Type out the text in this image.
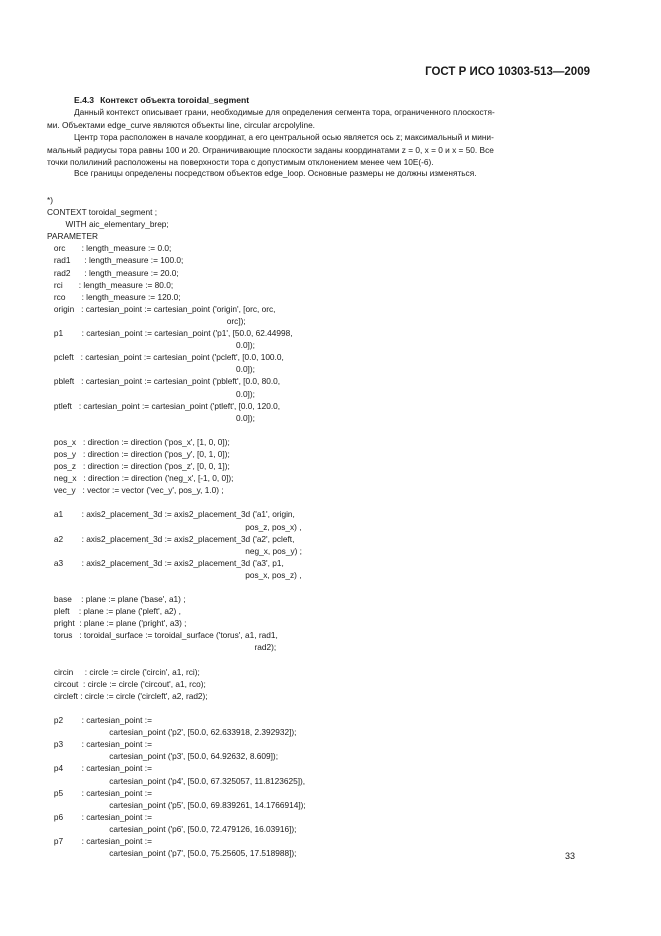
ГОСТ Р ИСО 10303-513—2009
E.4.3 Контекст объекта toroidal_segment
Данный контекст описывает грани, необходимые для определения сегмента тора, ограниченного плоскостя-
ми. Объектами edge_curve являются объекты line, circular arcpolyline.
Центр тора расположен в начале координат, а его центральной осью является ось z; максимальный и мини-
мальный радиусы тора равны 100 и 20. Ограничивающие плоскости заданы координатами z = 0, x = 0 и x = 50. Все
точки полилиний расположены на поверхности тора с допустимым отклонением менее чем 10E(-6).
Все границы определены посредством объектов edge_loop. Основные размеры не должны изменяться.
*)
CONTEXT toroidal_segment ;
WITH aic_elementary_brep;
PARAMETER
orc       : length_measure := 0.0;
rad1      : length_measure := 100.0;
rad2      : length_measure := 20.0;
rci       : length_measure := 80.0;
rco       : length_measure := 120.0;
origin   : cartesian_point := cartesian_point ('origin', [orc, orc,
orc]);
p1        : cartesian_point := cartesian_point ('p1', [50.0, 62.44998,
0.0]);
pcleft   : cartesian_point := cartesian_point ('pcleft', [0.0, 100.0,
0.0]);
pbleft   : cartesian_point := cartesian_point ('pbleft', [0.0, 80.0,
0.0]);
ptleft   : cartesian_point := cartesian_point ('ptleft', [0.0, 120.0,
0.0]);
pos_x   : direction := direction ('pos_x', [1, 0, 0]);
pos_y   : direction := direction ('pos_y', [0, 1, 0]);
pos_z   : direction := direction ('pos_z', [0, 0, 1]);
neg_x   : direction := direction ('neg_x', [-1, 0, 0]);
vec_y   : vector := vector ('vec_y', pos_y, 1.0) ;
a1        : axis2_placement_3d := axis2_placement_3d ('a1', origin,
pos_z, pos_x) ,
a2        : axis2_placement_3d := axis2_placement_3d ('a2', pcleft,
neg_x, pos_y) ;
a3        : axis2_placement_3d := axis2_placement_3d ('a3', p1,
pos_x, pos_z) ,
base    : plane := plane ('base', a1) ;
pleft    : plane := plane ('pleft', a2) ,
pright  : plane := plane ('pright', a3) ;
torus   : toroidal_surface := toroidal_surface ('torus', a1, rad1,
rad2);
circin     : circle := circle ('circin', a1, rci);
circout  : circle := circle ('circout', a1, rco);
circleft : circle := circle ('circleft', a2, rad2);
p2        : cartesian_point :=
cartesian_point ('p2', [50.0, 62.633918, 2.392932]);
p3        : cartesian_point :=
cartesian_point ('p3', [50.0, 64.92632, 8.609]);
p4        : cartesian_point :=
cartesian_point ('p4', [50.0, 67.325057, 11.8123625]),
p5        : cartesian_point :=
cartesian_point ('p5', [50.0, 69.839261, 14.1766914]);
p6        : cartesian_point :=
cartesian_point ('p6', [50.0, 72.479126, 16.03916]);
p7        : cartesian_point :=
cartesian_point ('p7', [50.0, 75.25605, 17.518988]);	33
